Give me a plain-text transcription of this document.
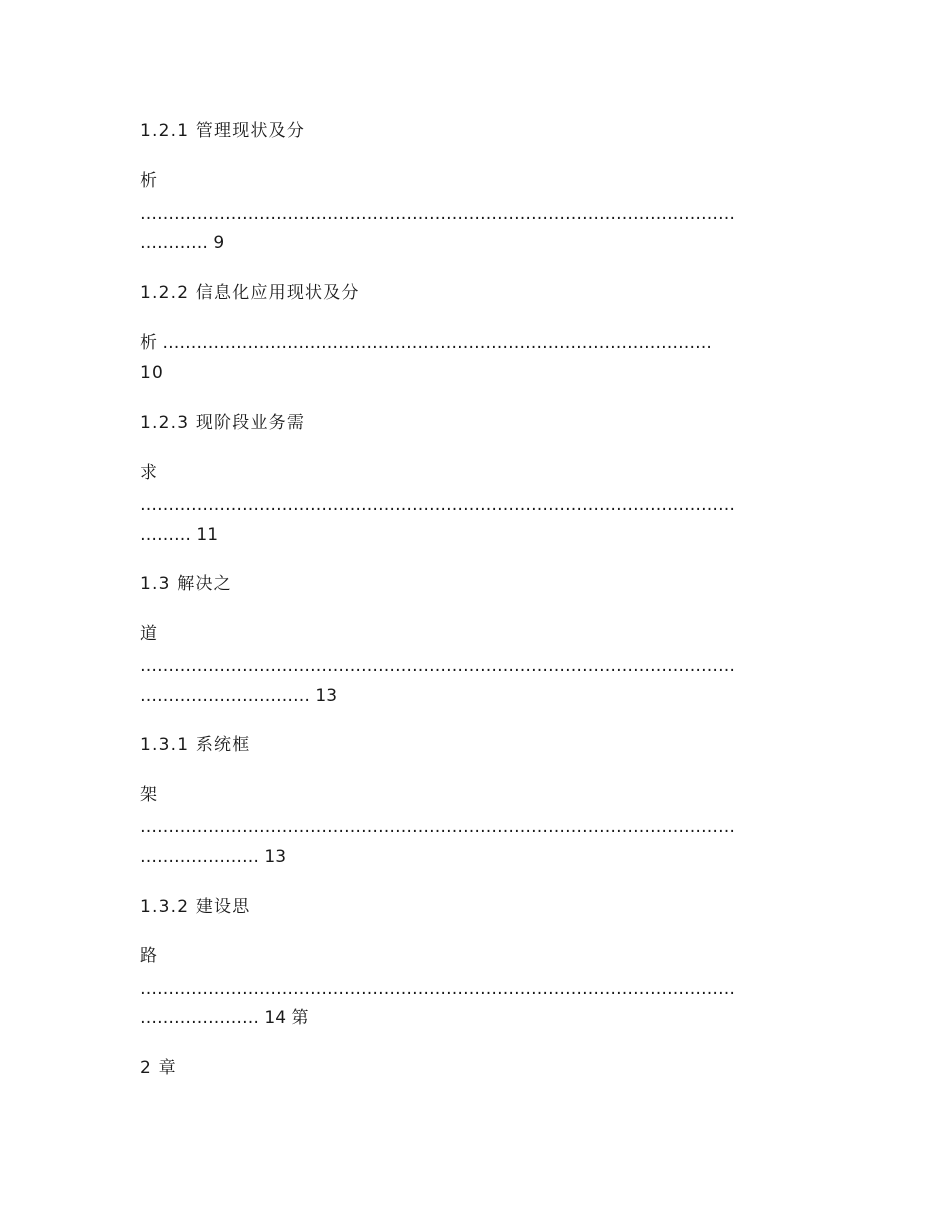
1.2.1 管理现状及分

析

……………………………………………………………………………………………

………… 9

1.2.2 信息化应用现状及分

析 …………………………………………………………………………………….

10

1.2.3 现阶段业务需

求

……………………………………………………………………………………………

……… 11

1.3 解决之

道

……………………………………………………………………………………………

………………………… 13

1.3.1 系统框

架

……………………………………………………………………………………………

………………… 13

1.3.2 建设思

路

……………………………………………………………………………………………

………………… 14 第

2 章
